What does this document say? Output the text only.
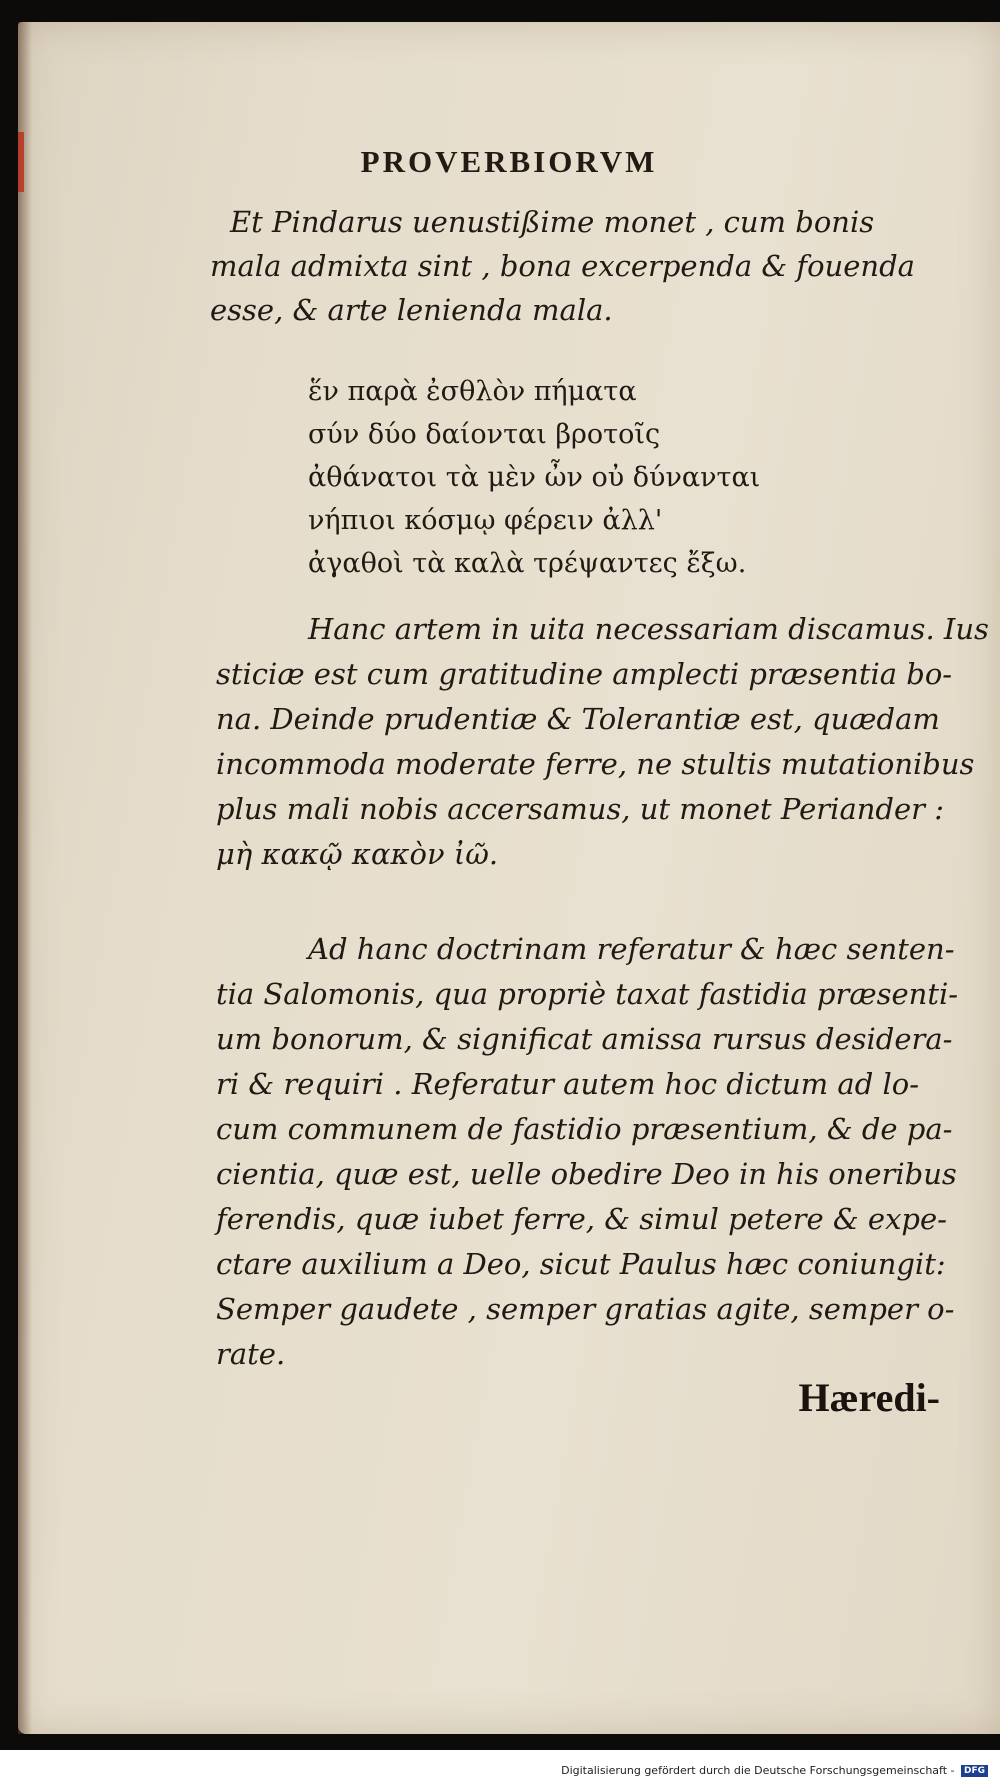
PROVERBIORVM
Et Pindarus uenustißime monet , cum bonis
mala admixta sint , bona excerpenda & fouenda
esse, & arte lenienda mala.
ἕν παρὰ ἐσθλὸν πήματα
σύν δύο δαίονται βροτοῖς
ἀθάνατοι τὰ μὲν ὦν οὐ δύνανται
νήπιοι κόσμῳ φέρειν ἀλλ'
ἀγαθοὶ τὰ καλὰ τρέψαντες ἔξω.
Hanc artem in uita necessariam discamus. Ius
sticiæ est cum gratitudine amplecti præsentia bo-
na. Deinde prudentiæ & Tolerantiæ est, quædam
incommoda moderate ferre, ne stultis mutationibus
plus mali nobis accersamus, ut monet Periander :
μὴ κακῷ κακὸν ἰῶ.
Ad hanc doctrinam referatur & hæc senten-
tia Salomonis, qua propriè taxat fastidia præsenti-
um bonorum, & significat amissa rursus desidera-
ri & requiri . Referatur autem hoc dictum ad lo-
cum communem de fastidio præsentium, & de pa-
cientia, quæ est, uelle obedire Deo in his oneribus
ferendis, quæ iubet ferre, & simul petere & expe-
ctare auxilium a Deo, sicut Paulus hæc coniungit:
Semper gaudete , semper gratias agite, semper o-
rate.

Hæredi-

Digitalisierung gefördert durch die Deutsche Forschungsgemeinschaft - DFG
